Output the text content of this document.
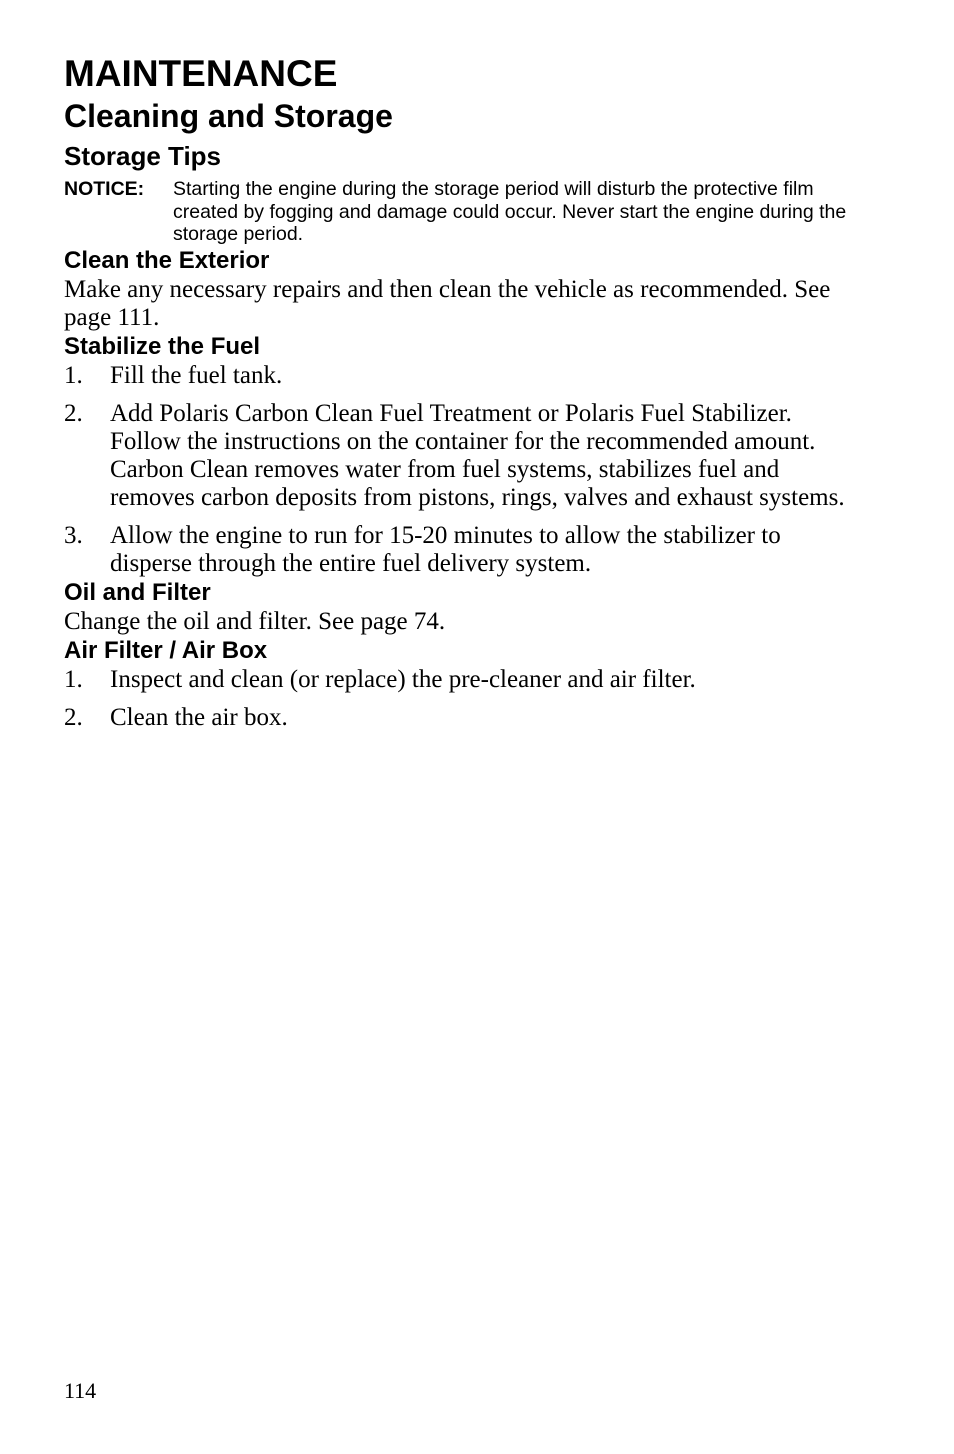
MAINTENANCE
Cleaning and Storage
Storage Tips
NOTICE:	Starting the engine during the storage period will disturb the protective film created by fogging and damage could occur. Never start the engine during the storage period.
Clean the Exterior

Make any necessary repairs and then clean the vehicle as recommended. See page 111.

Stabilize the Fuel
1.	Fill the fuel tank.
2.	Add Polaris Carbon Clean Fuel Treatment or Polaris Fuel Stabilizer. Follow the instructions on the container for the recommended amount. Carbon Clean removes water from fuel systems, stabilizes fuel and removes carbon deposits from pistons, rings, valves and exhaust systems.
3.	Allow the engine to run for 15-20 minutes to allow the stabilizer to disperse through the entire fuel delivery system.
Oil and Filter

Change the oil and filter. See page 74.

Air Filter / Air Box
1.	Inspect and clean (or replace) the pre-cleaner and air filter.
2.	Clean the air box.
114
